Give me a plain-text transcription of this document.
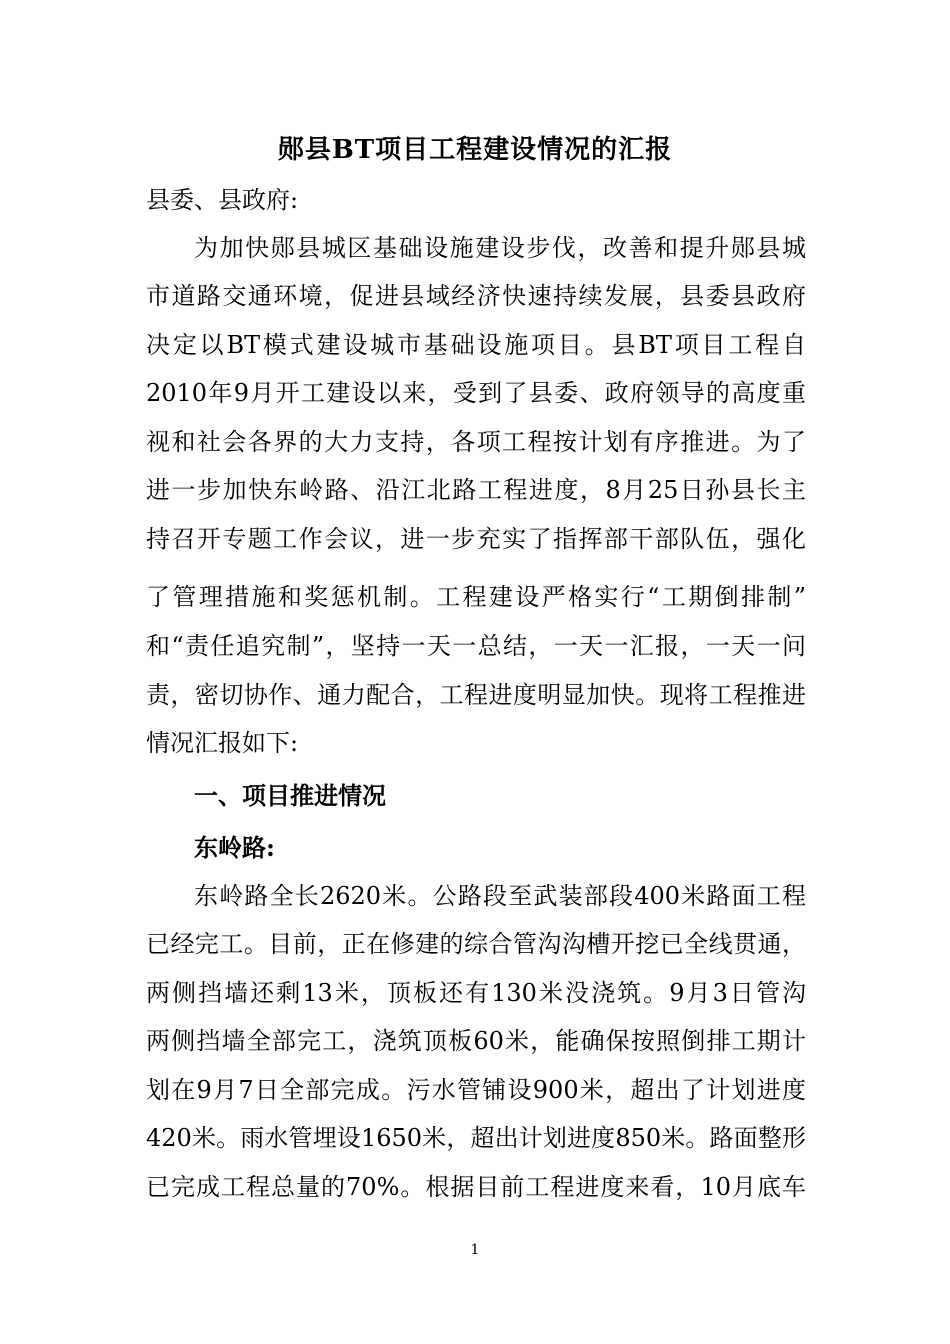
郧县BT项目工程建设情况的汇报
县委、县政府:
为加快郧县城区基础设施建设步伐，改善和提升郧县城
市道路交通环境，促进县域经济快速持续发展，县委县政府
决定以BT模式建设城市基础设施项目。县BT项目工程自
2010年9月开工建设以来，受到了县委、政府领导的高度重
视和社会各界的大力支持，各项工程按计划有序推进。为了
进一步加快东岭路、沿江北路工程进度，8月25日孙县长主
持召开专题工作会议，进一步充实了指挥部干部队伍，强化
了管理措施和奖惩机制。工程建设严格实行“工期倒排制”
和“责任追究制”，坚持一天一总结，一天一汇报，一天一问
责，密切协作、通力配合，工程进度明显加快。现将工程推进
情况汇报如下:
一、项目推进情况
东岭路:
东岭路全长2620米。公路段至武装部段400米路面工程
已经完工。目前，正在修建的综合管沟沟槽开挖已全线贯通，
两侧挡墙还剩13米，顶板还有130米没浇筑。9月3日管沟
两侧挡墙全部完工，浇筑顶板60米，能确保按照倒排工期计
划在9月7日全部完成。污水管铺设900米，超出了计划进度
420米。雨水管埋设1650米，超出计划进度850米。路面整形
已完成工程总量的70%。根据目前工程进度来看，10月底车
1
